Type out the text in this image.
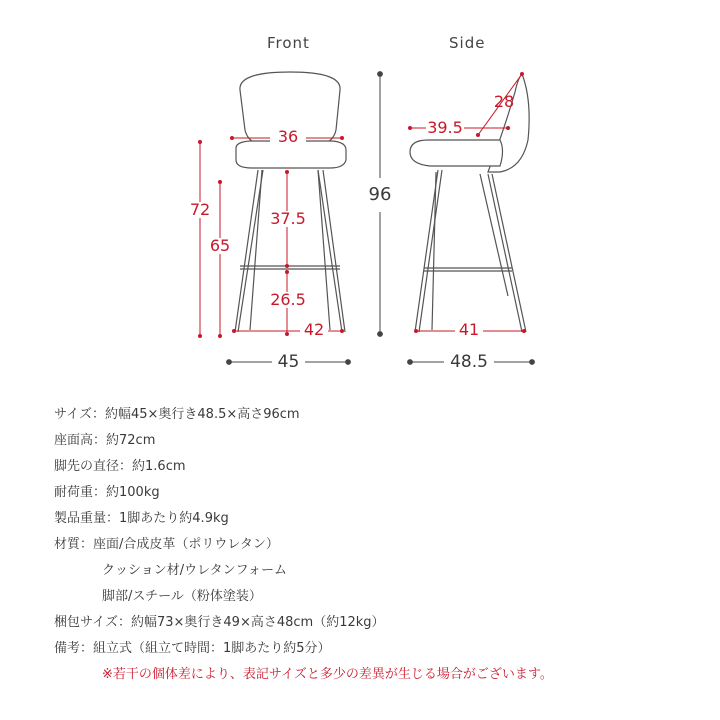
Front	Side
36
72
65
37.5
26.5
42
45
96
28
39.5
41
48.5
サイズ：約幅45×奥行き48.5×高さ96cm
座面高：約72cm
脚先の直径：約1.6cm
耐荷重：約100kg
製品重量：1脚あたり約4.9kg
材質：座面/合成皮革（ポリウレタン）
クッション材/ウレタンフォーム
脚部/スチール（粉体塗装）
梱包サイズ：約幅73×奥行き49×高さ48cm（約12kg）
備考：組立式（組立て時間：1脚あたり約5分）
※若干の個体差により、表記サイズと多少の差異が生じる場合がございます。
